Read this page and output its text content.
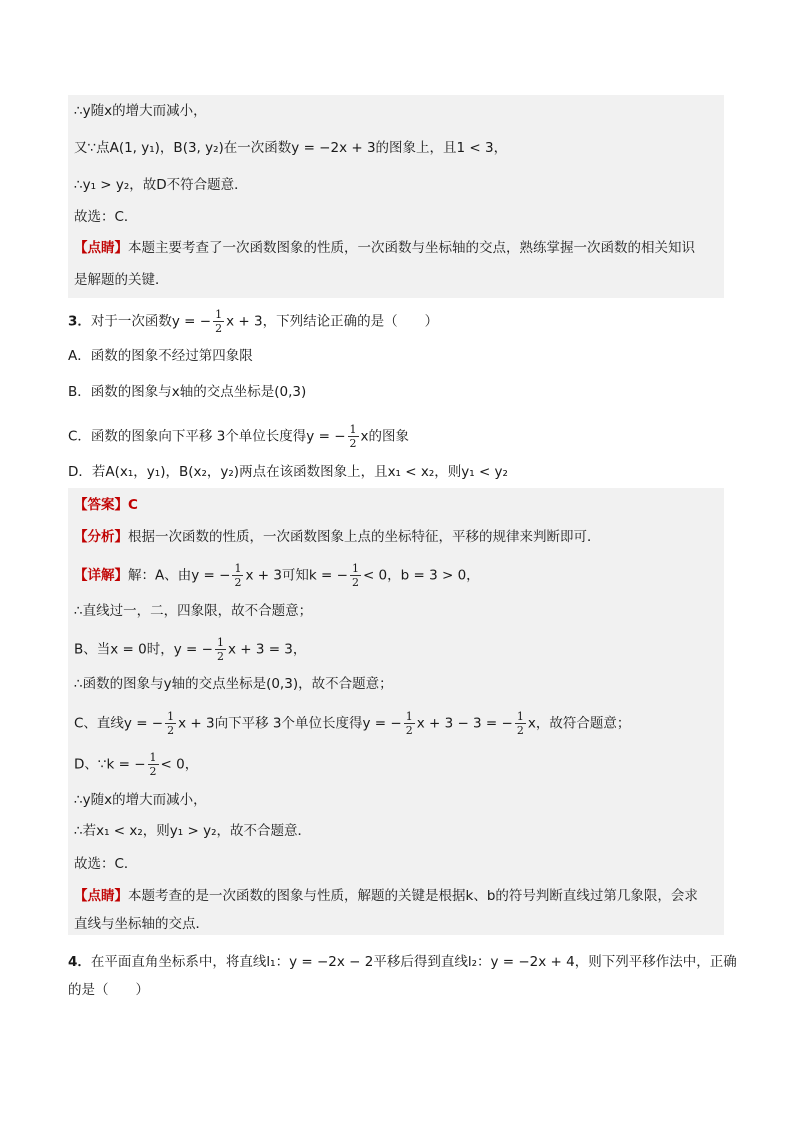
∴y随x的增大而减小，
又∵点A(1, y₁)，B(3, y₂)在一次函数y = −2x + 3的图象上，且1 < 3，
∴y₁ > y₂，故D不符合题意．
故选：C．
【点睛】本题主要考查了一次函数图象的性质，一次函数与坐标轴的交点，熟练掌握一次函数的相关知识
是解题的关键．
3．对于一次函数y = − $\frac{1}{2}$ x + 3，下列结论正确的是（　　）
A．函数的图象不经过第四象限
B．函数的图象与x轴的交点坐标是(0,3)
C．函数的图象向下平移 3个单位长度得y = − $\frac{1}{2}$ x的图象
D．若A(x₁，y₁)，B(x₂，y₂)两点在该函数图象上，且x₁ < x₂，则y₁ < y₂
【答案】C
【分析】根据一次函数的性质，一次函数图象上点的坐标特征，平移的规律来判断即可．
【详解】解：A、由y = − $\frac{1}{2}$ x + 3可知k = − $\frac{1}{2} < 0$，b = 3 > 0，
∴直线过一，二，四象限，故不合题意；
B、当x = 0时，y = − $\frac{1}{2}$ x + 3 = 3，
∴函数的图象与y轴的交点坐标是(0,3)，故不合题意；
C、直线y = − $\frac{1}{2}$ x + 3向下平移 3个单位长度得y = − $\frac{1}{2}$ x + 3 − 3 = − $\frac{1}{2}$ x，故符合题意；
D、∵k = − $\frac{1}{2} < 0$，
∴y随x的增大而减小，
∴若x₁ < x₂，则y₁ > y₂，故不合题意．
故选：C．
【点睛】本题考查的是一次函数的图象与性质，解题的关键是根据k、b的符号判断直线过第几象限，会求
直线与坐标轴的交点．
4．在平面直角坐标系中，将直线l₁：y = −2x − 2平移后得到直线l₂：y = −2x + 4，则下列平移作法中，正确
的是（　　）
